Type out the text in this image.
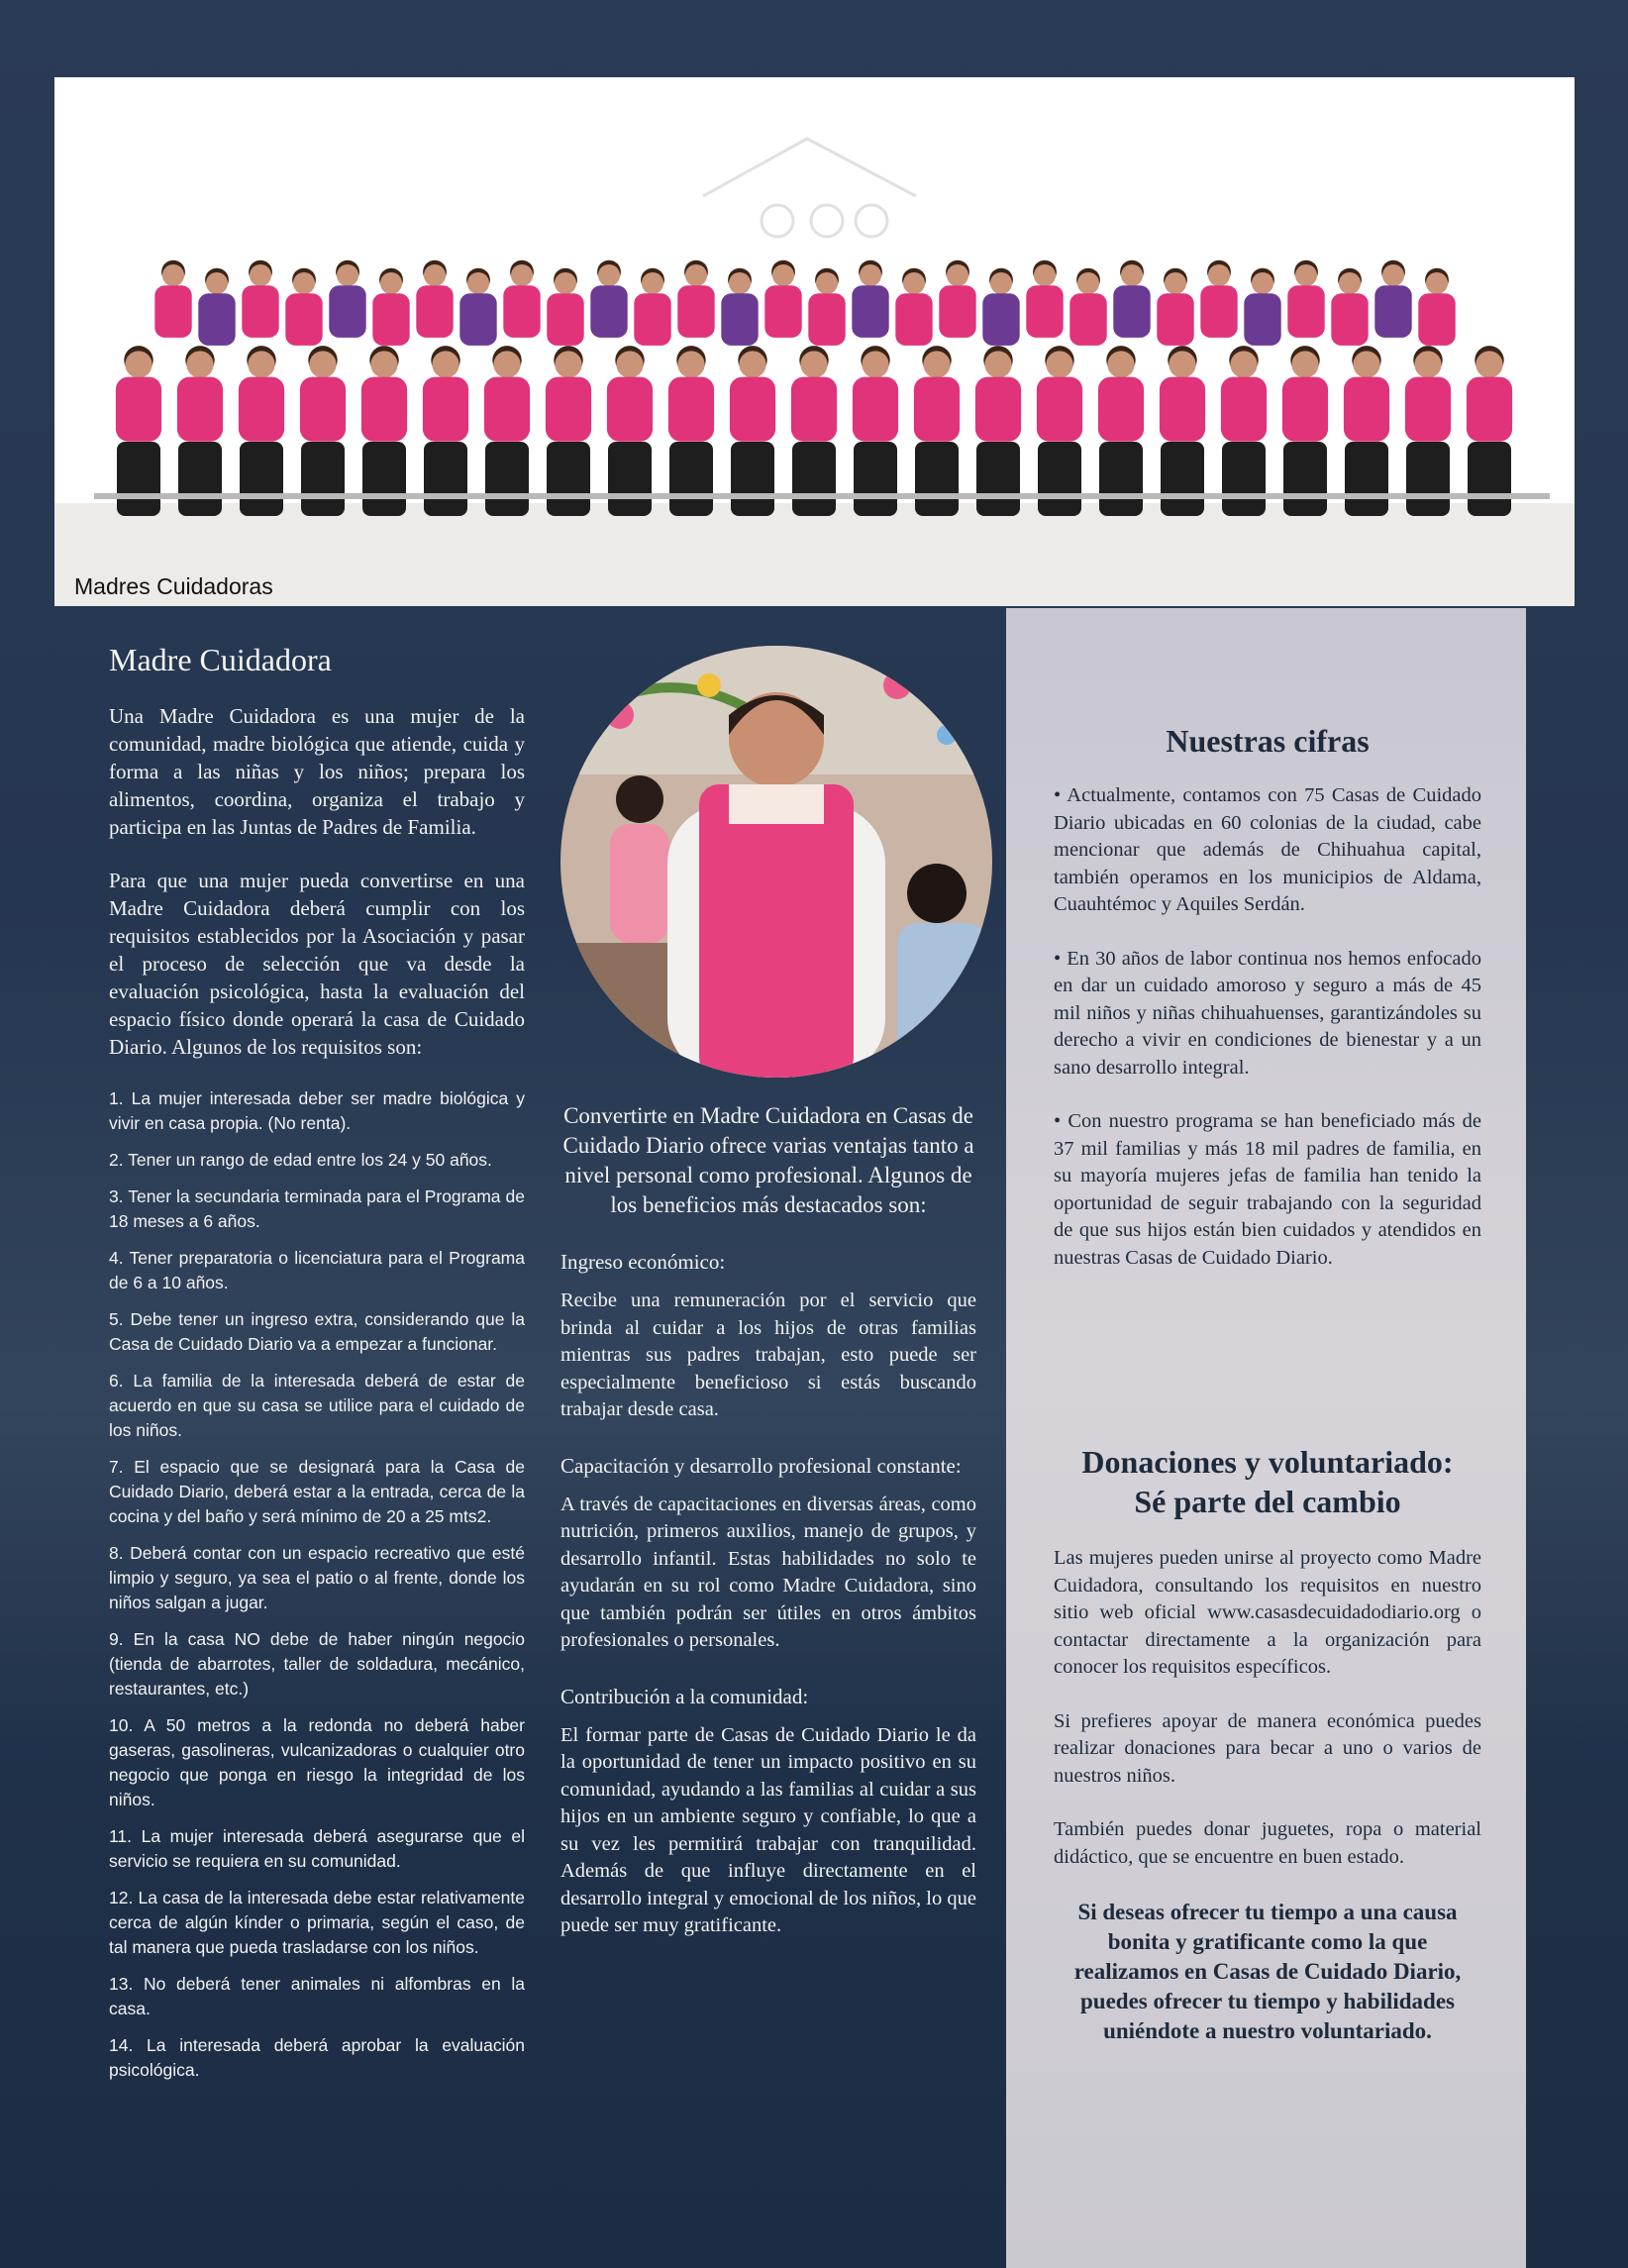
Madres Cuidadoras
Madre Cuidadora

Una Madre Cuidadora es una mujer de la comunidad, madre biológica que atiende, cuida y forma a las niñas y los niños; prepara los alimentos, coordina, organiza el trabajo y participa en las Juntas de Padres de Familia.

Para que una mujer pueda convertirse en una Madre Cuidadora deberá cumplir con los requisitos establecidos por la Asociación y pasar el proceso de selección que va desde la evaluación psicológica, hasta la evaluación del espacio físico donde operará la casa de Cuidado Diario. Algunos de los requisitos son:

1. La mujer interesada deber ser madre biológica y vivir en casa propia. (No renta).
2. Tener un rango de edad entre los 24 y 50 años.
3. Tener la secundaria terminada para el Programa de 18 meses a 6 años.
4. Tener preparatoria o licenciatura para el Programa de 6 a 10 años.
5. Debe tener un ingreso extra, considerando que la Casa de Cuidado Diario va a empezar a funcionar.
6. La familia de la interesada deberá de estar de acuerdo en que su casa se utilice para el cuidado de los niños.
7. El espacio que se designará para la Casa de Cuidado Diario, deberá estar a la entrada, cerca de la cocina y del baño y será mínimo de 20 a 25 mts2.
8. Deberá contar con un espacio recreativo que esté limpio y seguro, ya sea el patio o al frente, donde los niños salgan a jugar.
9. En la casa NO debe de haber ningún negocio (tienda de abarrotes, taller de soldadura, mecánico, restaurantes, etc.)
10. A 50 metros a la redonda no deberá haber gaseras, gasolineras, vulcanizadoras o cualquier otro negocio que ponga en riesgo la integridad de los niños.
11. La mujer interesada deberá asegurarse que el servicio se requiera en su comunidad.
12. La casa de la interesada debe estar relativamente cerca de algún kínder o primaria, según el caso, de tal manera que pueda trasladarse con los niños.
13. No deberá tener animales ni alfombras en la casa.
14. La interesada deberá aprobar la evaluación psicológica.

Convertirte en Madre Cuidadora en Casas de Cuidado Diario ofrece varias ventajas tanto a nivel personal como profesional. Algunos de los beneficios más destacados son:

Ingreso económico:

Recibe una remuneración por el servicio que brinda al cuidar a los hijos de otras familias mientras sus padres trabajan, esto puede ser especialmente beneficioso si estás buscando trabajar desde casa.

Capacitación y desarrollo profesional constante:

A través de capacitaciones en diversas áreas, como nutrición, primeros auxilios, manejo de grupos, y desarrollo infantil. Estas habilidades no solo te ayudarán en su rol como Madre Cuidadora, sino que también podrán ser útiles en otros ámbitos profesionales o personales.

Contribución a la comunidad:

El formar parte de Casas de Cuidado Diario le da la oportunidad de tener un impacto positivo en su comunidad, ayudando a las familias al cuidar a sus hijos en un ambiente seguro y confiable, lo que a su vez les permitirá trabajar con tranquilidad. Además de que influye directamente en el desarrollo integral y emocional de los niños, lo que puede ser muy gratificante.

Nuestras cifras

• Actualmente, contamos con 75 Casas de Cuidado Diario ubicadas en 60 colonias de la ciudad, cabe mencionar que además de Chihuahua capital, también operamos en los municipios de Aldama, Cuauhtémoc y Aquiles Serdán.

• En 30 años de labor continua nos hemos enfocado en dar un cuidado amoroso y seguro a más de 45 mil niños y niñas chihuahuenses, garantizándoles su derecho a vivir en condiciones de bienestar y a un sano desarrollo integral.

• Con nuestro programa se han beneficiado más de 37 mil familias y más 18 mil padres de familia, en su mayoría mujeres jefas de familia han tenido la oportunidad de seguir trabajando con la seguridad de que sus hijos están bien cuidados y atendidos en nuestras Casas de Cuidado Diario.

Donaciones y voluntariado:
Sé parte del cambio

Las mujeres pueden unirse al proyecto como Madre Cuidadora, consultando los requisitos en nuestro sitio web oficial www.casasdecuidadodiario.org o contactar directamente a la organización para conocer los requisitos específicos.

Si prefieres apoyar de manera económica puedes realizar donaciones para becar a uno o varios de nuestros niños.

También puedes donar juguetes, ropa o material didáctico, que se encuentre en buen estado.

Si deseas ofrecer tu tiempo a una causa bonita y gratificante como la que realizamos en Casas de Cuidado Diario, puedes ofrecer tu tiempo y habilidades uniéndote a nuestro voluntariado.
